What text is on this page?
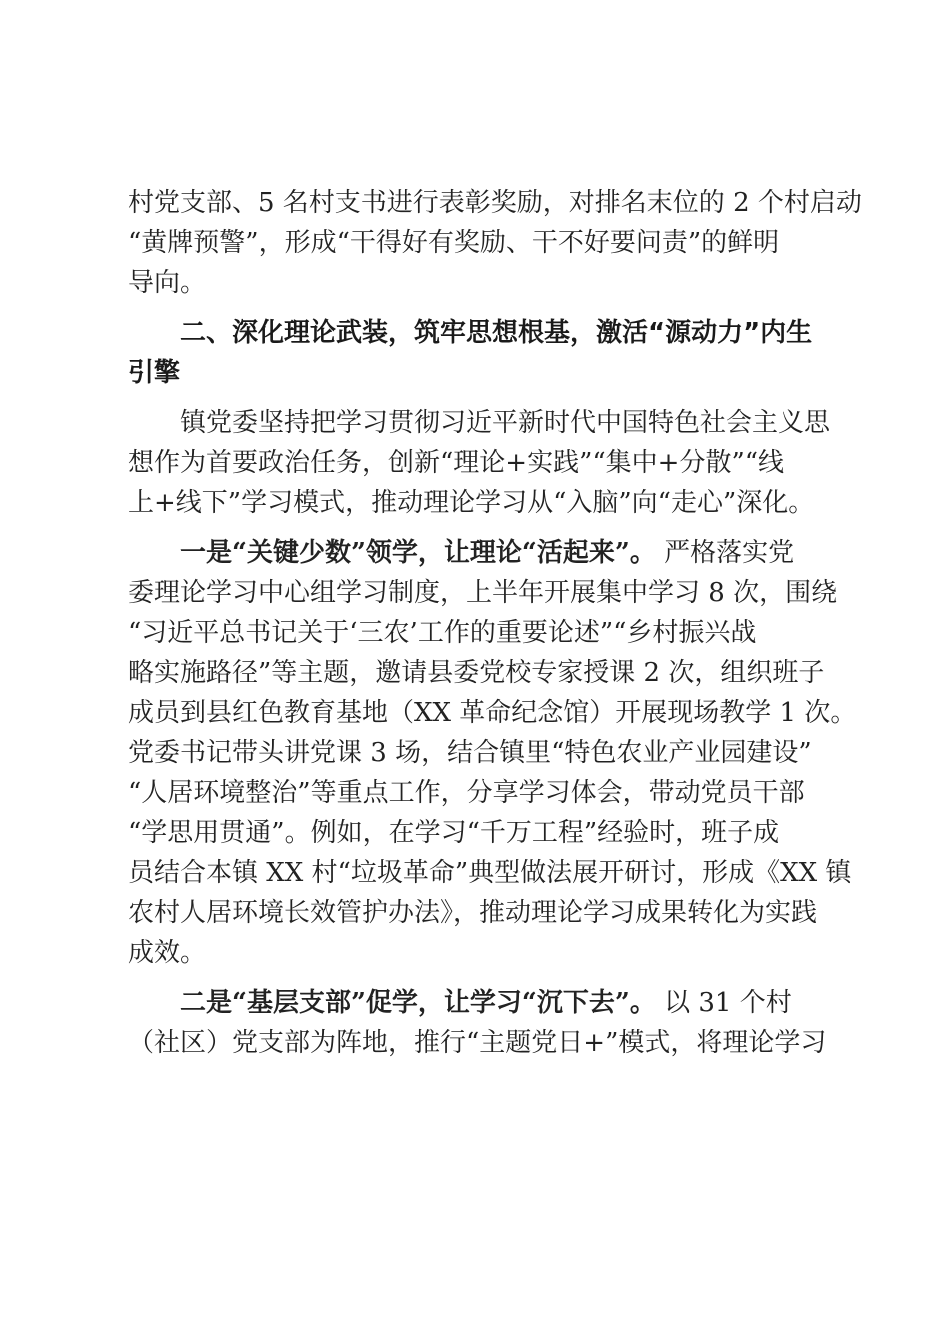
村党支部、5 名村支书进行表彰奖励，对排名末位的 2 个村启动
“黄牌预警”，形成“干得好有奖励、干不好要问责”的鲜明
导向。
　　二、深化理论武装，筑牢思想根基，激活“源动力”内生
引擎
　　镇党委坚持把学习贯彻习近平新时代中国特色社会主义思
想作为首要政治任务，创新“理论+实践”“集中+分散”“线
上+线下”学习模式，推动理论学习从“入脑”向“走心”深化。
　　一是“关键少数”领学，让理论“活起来”。 严格落实党
委理论学习中心组学习制度，上半年开展集中学习 8 次，围绕
“习近平总书记关于‘三农’工作的重要论述”“乡村振兴战
略实施路径”等主题，邀请县委党校专家授课 2 次，组织班子
成员到县红色教育基地（XX 革命纪念馆）开展现场教学 1 次。
党委书记带头讲党课 3 场，结合镇里“特色农业产业园建设”
“人居环境整治”等重点工作，分享学习体会，带动党员干部
“学思用贯通”。例如，在学习“千万工程”经验时，班子成
员结合本镇 XX 村“垃圾革命”典型做法展开研讨，形成《XX 镇
农村人居环境长效管护办法》，推动理论学习成果转化为实践
成效。
　　二是“基层支部”促学，让学习“沉下去”。 以 31 个村
（社区）党支部为阵地，推行“主题党日+”模式，将理论学习
